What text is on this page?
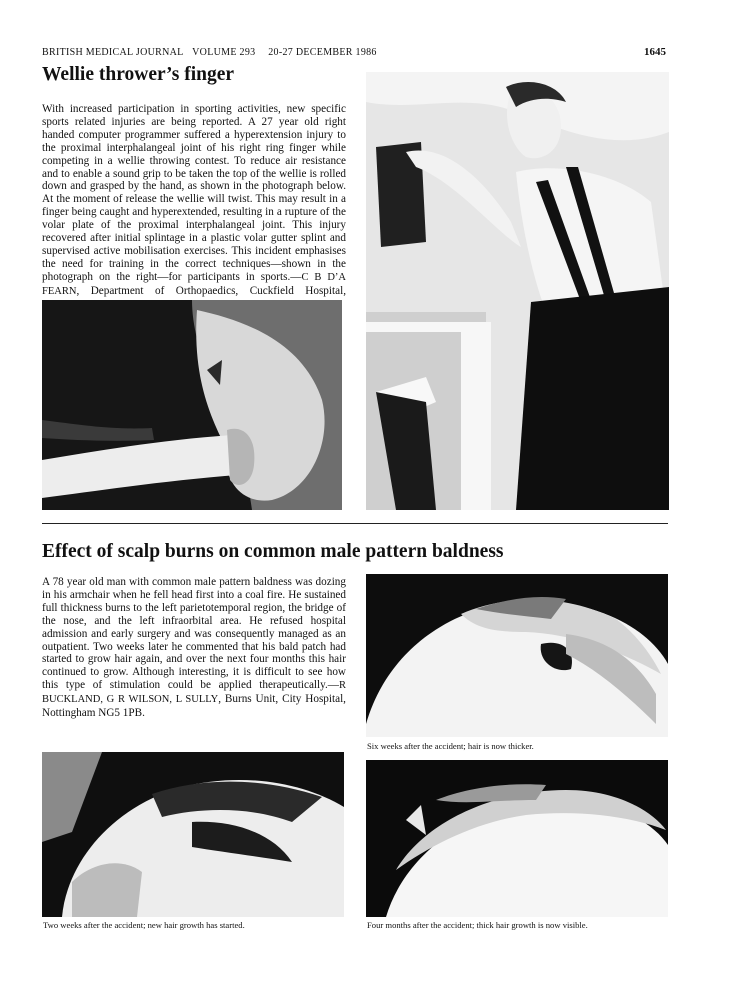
BRITISH MEDICAL JOURNAL VOLUME 293 20-27 DECEMBER 1986	1645
Wellie thrower’s finger
With increased participation in sporting activities, new specific sports related injuries are being reported. A 27 year old right handed computer programmer suffered a hyperextension injury to the proximal interphalangeal joint of his right ring finger while competing in a wellie throwing contest. To reduce air resistance and to enable a sound grip to be taken the top of the wellie is rolled down and grasped by the hand, as shown in the photograph below. At the moment of release the wellie will twist. This may result in a finger being caught and hyperextended, resulting in a rupture of the volar plate of the proximal interphalangeal joint. This injury recovered after initial splintage in a plastic volar gutter splint and supervised active mobilisation exercises. This incident emphasises the need for training in the correct techniques—shown in the photograph on the right—for participants in sports.—C B D’A FEARN, Department of Orthopaedics, Cuckfield Hospital,
Effect of scalp burns on common male pattern baldness
A 78 year old man with common male pattern baldness was dozing in his armchair when he fell head first into a coal fire. He sustained full thickness burns to the left parietotemporal region, the bridge of the nose, and the left infraorbital area. He refused hospital admission and early surgery and was consequently managed as an outpatient. Two weeks later he commented that his bald patch had started to grow hair again, and over the next four months this hair continued to grow. Although interesting, it is difficult to see how this type of stimulation could be applied therapeutically.—R BUCKLAND, G R WILSON, L SULLY, Burns Unit, City Hospital, Nottingham NG5 1PB.
Six weeks after the accident; hair is now thicker.
Two weeks after the accident; new hair growth has started.	Four months after the accident; thick hair growth is now visible.
